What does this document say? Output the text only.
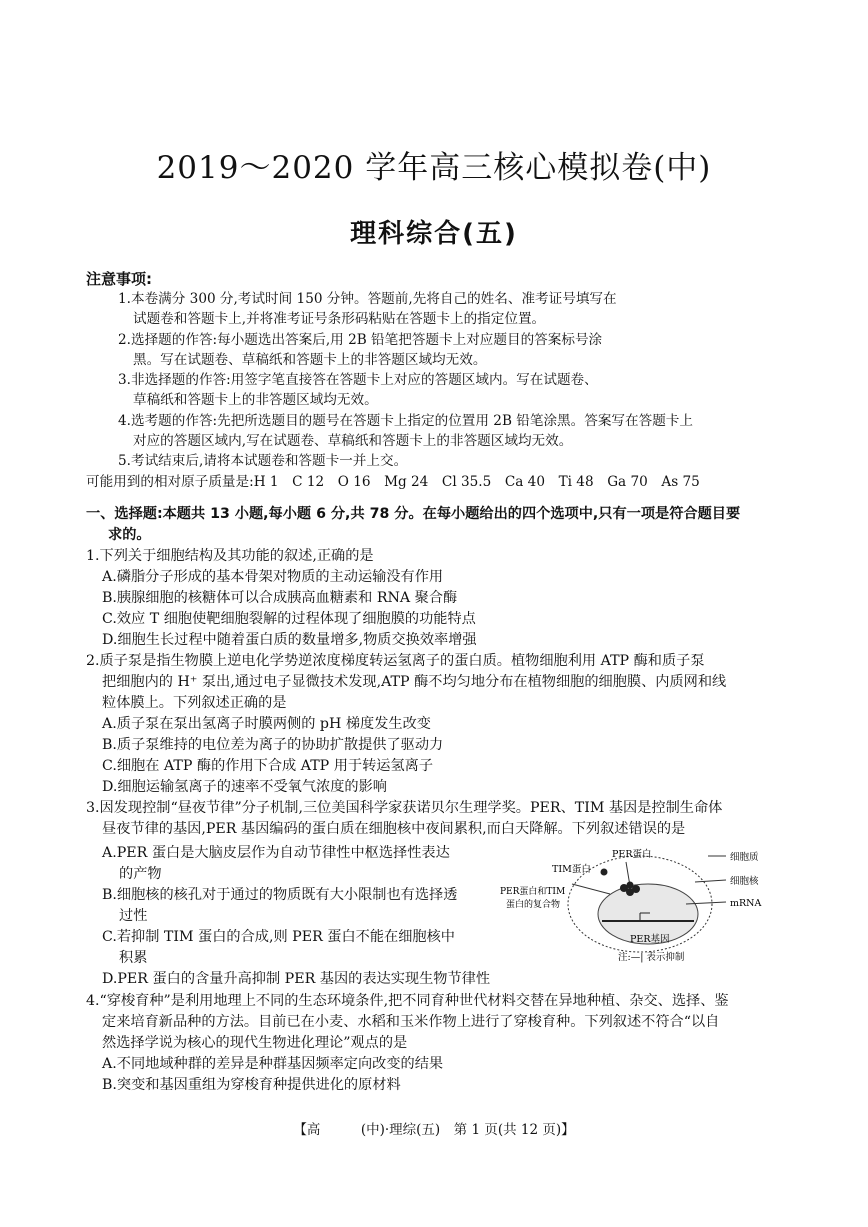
2019～2020 学年高三核心模拟卷(中)
理科综合(五)
注意事项:
1.本卷满分 300 分,考试时间 150 分钟。答题前,先将自己的姓名、准考证号填写在
试题卷和答题卡上,并将准考证号条形码粘贴在答题卡上的指定位置。
2.选择题的作答:每小题选出答案后,用 2B 铅笔把答题卡上对应题目的答案标号涂
黑。写在试题卷、草稿纸和答题卡上的非答题区域均无效。
3.非选择题的作答:用签字笔直接答在答题卡上对应的答题区域内。写在试题卷、
草稿纸和答题卡上的非答题区域均无效。
4.选考题的作答:先把所选题目的题号在答题卡上指定的位置用 2B 铅笔涂黑。答案写在答题卡上
对应的答题区域内,写在试题卷、草稿纸和答题卡上的非答题区域均无效。
5.考试结束后,请将本试题卷和答题卡一并上交。
可能用到的相对原子质量是:H 1　C 12　O 16　Mg 24　Cl 35.5　Ca 40　Ti 48　Ga 70　As 75
一、选择题:本题共 13 小题,每小题 6 分,共 78 分。在每小题给出的四个选项中,只有一项是符合题目要
求的。
1.下列关于细胞结构及其功能的叙述,正确的是
A.磷脂分子形成的基本骨架对物质的主动运输没有作用
B.胰腺细胞的核糖体可以合成胰高血糖素和 RNA 聚合酶
C.效应 T 细胞使靶细胞裂解的过程体现了细胞膜的功能特点
D.细胞生长过程中随着蛋白质的数量增多,物质交换效率增强
2.质子泵是指生物膜上逆电化学势逆浓度梯度转运氢离子的蛋白质。植物细胞利用 ATP 酶和质子泵
把细胞内的 H⁺ 泵出,通过电子显微技术发现,ATP 酶不均匀地分布在植物细胞的细胞膜、内质网和线
粒体膜上。下列叙述正确的是
A.质子泵在泵出氢离子时膜两侧的 pH 梯度发生改变
B.质子泵维持的电位差为离子的协助扩散提供了驱动力
C.细胞在 ATP 酶的作用下合成 ATP 用于转运氢离子
D.细胞运输氢离子的速率不受氧气浓度的影响
3.因发现控制“昼夜节律”分子机制,三位美国科学家获诺贝尔生理学奖。PER、TIM 基因是控制生命体
昼夜节律的基因,PER 基因编码的蛋白质在细胞核中夜间累积,而白天降解。下列叙述错误的是
A.PER 蛋白是大脑皮层作为自动节律性中枢选择性表达
的产物
B.细胞核的核孔对于通过的物质既有大小限制也有选择透
过性
C.若抑制 TIM 蛋白的合成,则 PER 蛋白不能在细胞核中
积累
D.PER 蛋白的含量升高抑制 PER 基因的表达实现生物节律性
PER蛋白
TIM蛋白
PER蛋白和TIM
蛋白的复合物
细胞质
细胞核
mRNA
PER基因
注:—| 表示抑制
4.“穿梭育种”是利用地理上不同的生态环境条件,把不同育种世代材料交替在异地种植、杂交、选择、鉴
定来培育新品种的方法。目前已在小麦、水稻和玉米作物上进行了穿梭育种。下列叙述不符合“以自
然选择学说为核心的现代生物进化理论”观点的是
A.不同地域种群的差异是种群基因频率定向改变的结果
B.突变和基因重组为穿梭育种提供进化的原材料
【高　　　(中)·理综(五)　第 1 页(共 12 页)】
